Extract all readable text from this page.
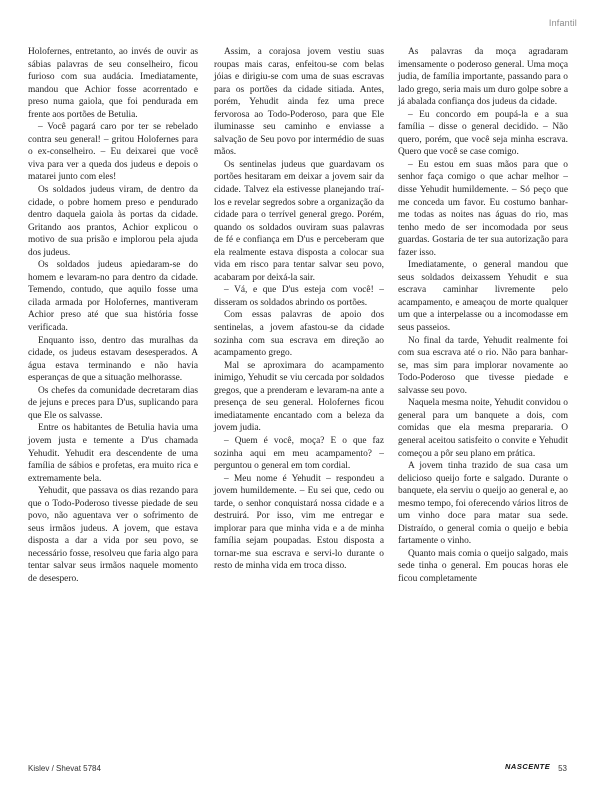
Infantil

Holofernes, entretanto, ao invés de ouvir as sábias palavras de seu conselheiro, ficou furioso com sua audácia. Imediatamente, mandou que Achior fosse acorrentado e preso numa gaiola, que foi pendurada em frente aos portões de Betulia.

– Você pagará caro por ter se rebelado contra seu general! – gritou Holofernes para o ex-conselheiro. – Eu deixarei que você viva para ver a queda dos judeus e depois o matarei junto com eles!

Os soldados judeus viram, de dentro da cidade, o pobre homem preso e pendurado dentro daquela gaiola às portas da cidade. Gritando aos prantos, Achior explicou o motivo de sua prisão e implorou pela ajuda dos judeus.

Os soldados judeus apiedaram-se do homem e levaram-no para dentro da cidade. Temendo, contudo, que aquilo fosse uma cilada armada por Holofernes, mantiveram Achior preso até que sua história fosse verificada.

Enquanto isso, dentro das muralhas da cidade, os judeus estavam desesperados. A água estava terminando e não havia esperanças de que a situação melhorasse.

Os chefes da comunidade decretaram dias de jejuns e preces para D'us, suplicando para que Ele os salvasse.

Entre os habitantes de Betulia havia uma jovem justa e temente a D'us chamada Yehudit. Yehudit era descendente de uma família de sábios e profetas, era muito rica e extremamente bela.

Yehudit, que passava os dias rezando para que o Todo-Poderoso tivesse piedade de seu povo, não aguentava ver o sofrimento de seus irmãos judeus. A jovem, que estava disposta a dar a vida por seu povo, se necessário fosse, resolveu que faria algo para tentar salvar seus irmãos naquele momento de desespero.

Assim, a corajosa jovem vestiu suas roupas mais caras, enfeitou-se com belas jóias e dirigiu-se com uma de suas escravas para os portões da cidade sitiada. Antes, porém, Yehudit ainda fez uma prece fervorosa ao Todo-Poderoso, para que Ele iluminasse seu caminho e enviasse a salvação de Seu povo por intermédio de suas mãos.

Os sentinelas judeus que guardavam os portões hesitaram em deixar a jovem sair da cidade. Talvez ela estivesse planejando traí-los e revelar segredos sobre a organização da cidade para o terrível general grego. Porém, quando os soldados ouviram suas palavras de fé e confiança em D'us e perceberam que ela realmente estava disposta a colocar sua vida em risco para tentar salvar seu povo, acabaram por deixá-la sair.

– Vá, e que D'us esteja com você! – disseram os soldados abrindo os portões.

Com essas palavras de apoio dos sentinelas, a jovem afastou-se da cidade sozinha com sua escrava em direção ao acampamento grego.

Mal se aproximara do acampamento inimigo, Yehudit se viu cercada por soldados gregos, que a prenderam e levaram-na ante a presença de seu general. Holofernes ficou imediatamente encantado com a beleza da jovem judia.

– Quem é você, moça? E o que faz sozinha aqui em meu acampamento? – perguntou o general em tom cordial.

– Meu nome é Yehudit – respondeu a jovem humildemente. – Eu sei que, cedo ou tarde, o senhor conquistará nossa cidade e a destruirá. Por isso, vim me entregar e implorar para que minha vida e a de minha família sejam poupadas. Estou disposta a tornar-me sua escrava e servi-lo durante o resto de minha vida em troca disso.

As palavras da moça agradaram imensamente o poderoso general. Uma moça judia, de família importante, passando para o lado grego, seria mais um duro golpe sobre a já abalada confiança dos judeus da cidade.

– Eu concordo em poupá-la e a sua família – disse o general decidido. – Não quero, porém, que você seja minha escrava. Quero que você se case comigo.

– Eu estou em suas mãos para que o senhor faça comigo o que achar melhor – disse Yehudit humildemente. – Só peço que me conceda um favor. Eu costumo banhar-me todas as noites nas águas do rio, mas tenho medo de ser incomodada por seus guardas. Gostaria de ter sua autorização para fazer isso.

Imediatamente, o general mandou que seus soldados deixassem Yehudit e sua escrava caminhar livremente pelo acampamento, e ameaçou de morte qualquer um que a interpelasse ou a incomodasse em seus passeios.

No final da tarde, Yehudit realmente foi com sua escrava até o rio. Não para banhar-se, mas sim para implorar novamente ao Todo-Poderoso que tivesse piedade e salvasse seu povo.

Naquela mesma noite, Yehudit convidou o general para um banquete a dois, com comidas que ela mesma prepararia. O general aceitou satisfeito o convite e Yehudit começou a pôr seu plano em prática.

A jovem tinha trazido de sua casa um delicioso queijo forte e salgado. Durante o banquete, ela serviu o queijo ao general e, ao mesmo tempo, foi oferecendo vários litros de um vinho doce para matar sua sede. Distraído, o general comia o queijo e bebia fartamente o vinho.

Quanto mais comia o queijo salgado, mais sede tinha o general. Em poucas horas ele ficou completamente

Kislev / Shevat 5784	NASCENTE 53
